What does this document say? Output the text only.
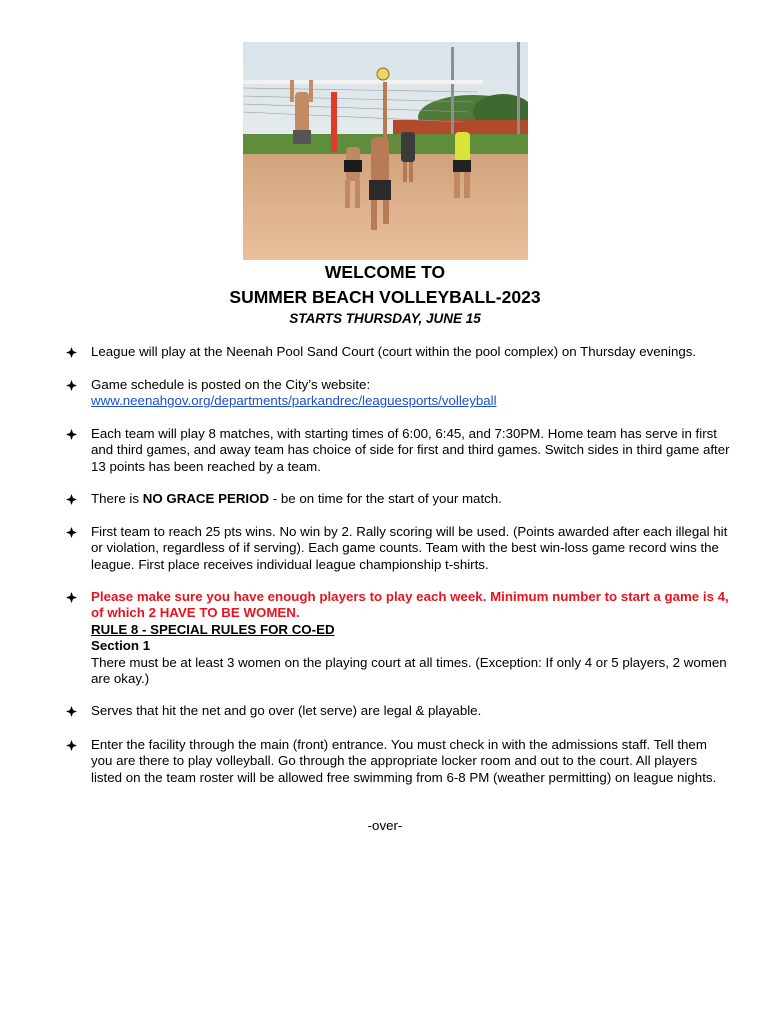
WELCOME TO
SUMMER BEACH VOLLEYBALL-2023
STARTS THURSDAY, JUNE 15
League will play at the Neenah Pool Sand Court (court within the pool complex) on Thursday evenings.
Game schedule is posted on the City’s website:
www.neenahgov.org/departments/parkandrec/leaguesports/volleyball
Each team will play 8 matches, with starting times of 6:00, 6:45, and 7:30PM. Home team has serve in first and third games, and away team has choice of side for first and third games. Switch sides in third game after 13 points has been reached by a team.
There is NO GRACE PERIOD - be on time for the start of your match.
First team to reach 25 pts wins. No win by 2. Rally scoring will be used. (Points awarded after each illegal hit or violation, regardless of if serving). Each game counts. Team with the best win-loss game record wins the league. First place receives individual league championship t-shirts.
Please make sure you have enough players to play each week. Minimum number to start a game is 4, of which 2 HAVE TO BE WOMEN.
RULE 8 - SPECIAL RULES FOR CO-ED
Section 1
There must be at least 3 women on the playing court at all times. (Exception: If only 4 or 5 players, 2 women are okay.)
Serves that hit the net and go over (let serve) are legal & playable.
Enter the facility through the main (front) entrance. You must check in with the admissions staff. Tell them you are there to play volleyball. Go through the appropriate locker room and out to the court. All players listed on the team roster will be allowed free swimming from 6-8 PM (weather permitting) on league nights.
-over-
